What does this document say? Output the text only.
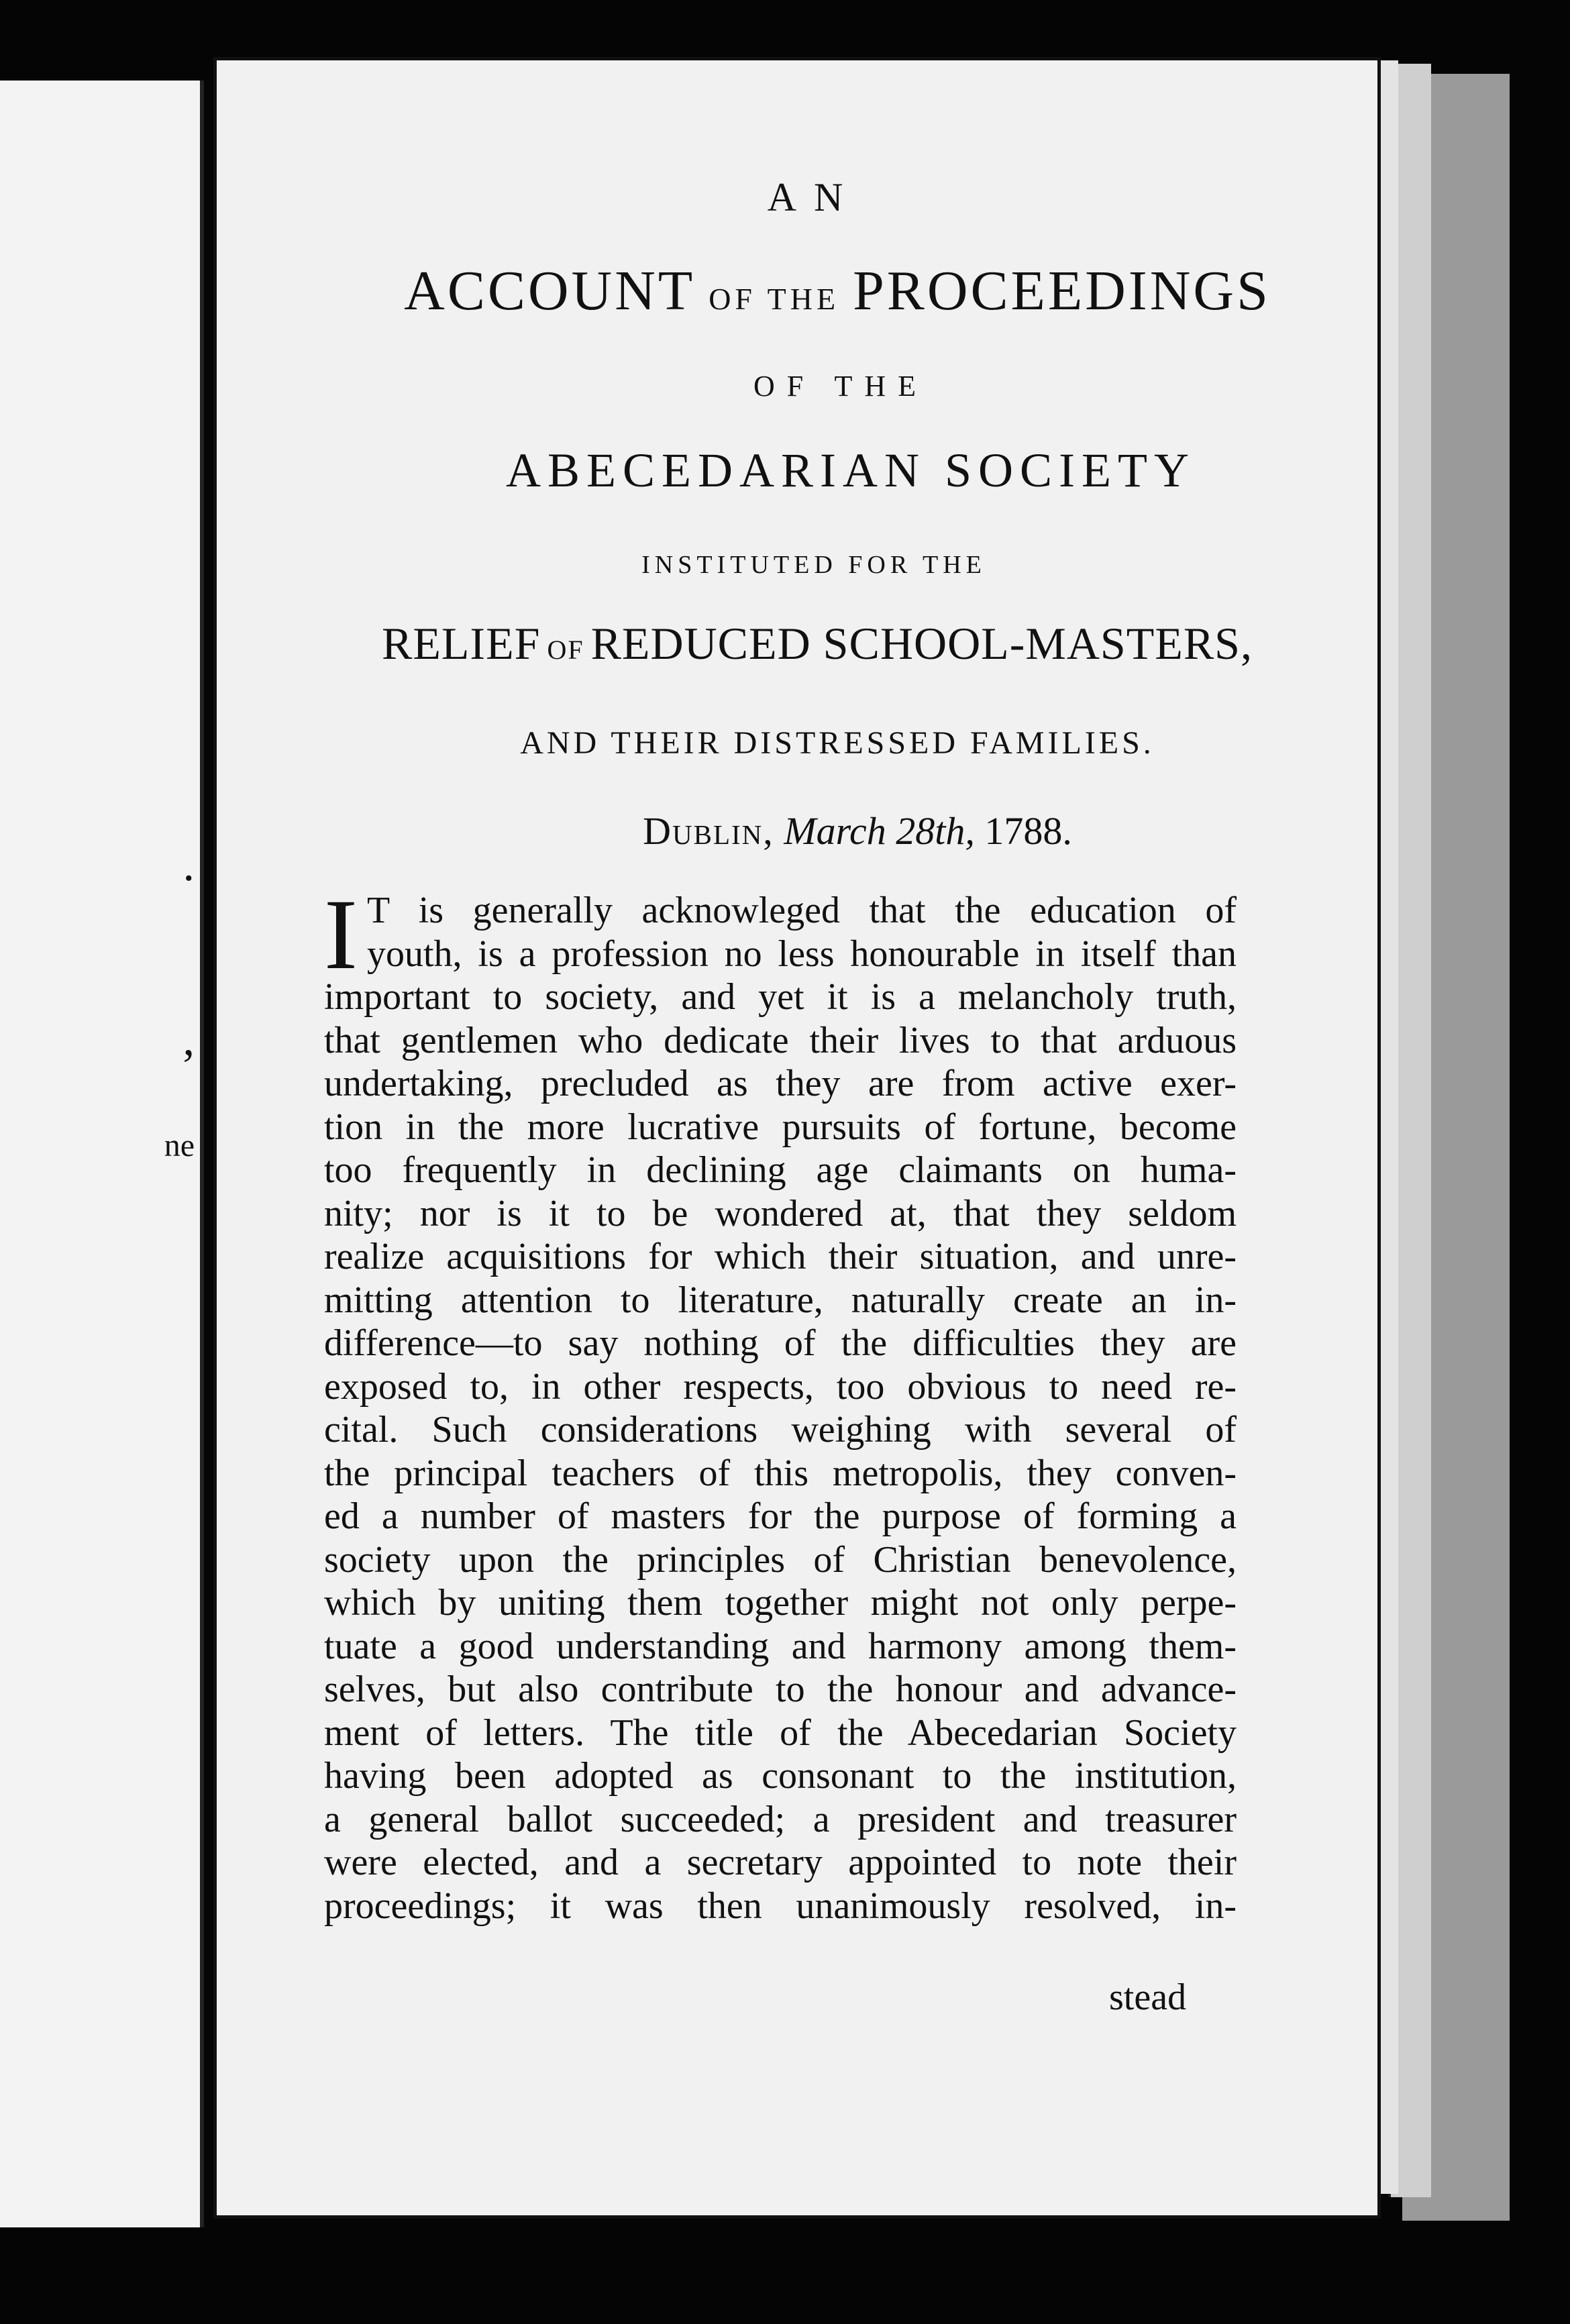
.
,
ne
AN
ACCOUNT OF THE PROCEEDINGS
OF THE
ABECEDARIAN SOCIETY
INSTITUTED FOR THE
RELIEF OF REDUCED SCHOOL-MASTERS,
AND THEIR DISTRESSED FAMILIES.
Dublin, March 28th, 1788.
I T is generally acknowleged that the education of
youth, is a profession no less honourable in itself than
important to society, and yet it is a melancholy truth,
that gentlemen who dedicate their lives to that arduous
undertaking, precluded as they are from active exer-
tion in the more lucrative pursuits of fortune, become
too frequently in declining age claimants on huma-
nity; nor is it to be wondered at, that they seldom
realize acquisitions for which their situation, and unre-
mitting attention to literature, naturally create an in-
difference—to say nothing of the difficulties they are
exposed to, in other respects, too obvious to need re-
cital. Such considerations weighing with several of
the principal teachers of this metropolis, they conven-
ed a number of masters for the purpose of forming a
society upon the principles of Christian benevolence,
which by uniting them together might not only perpe-
tuate a good understanding and harmony among them-
selves, but also contribute to the honour and advance-
ment of letters. The title of the Abecedarian Society
having been adopted as consonant to the institution,
a general ballot succeeded; a president and treasurer
were elected, and a secretary appointed to note their
proceedings; it was then unanimously resolved, in-
stead
